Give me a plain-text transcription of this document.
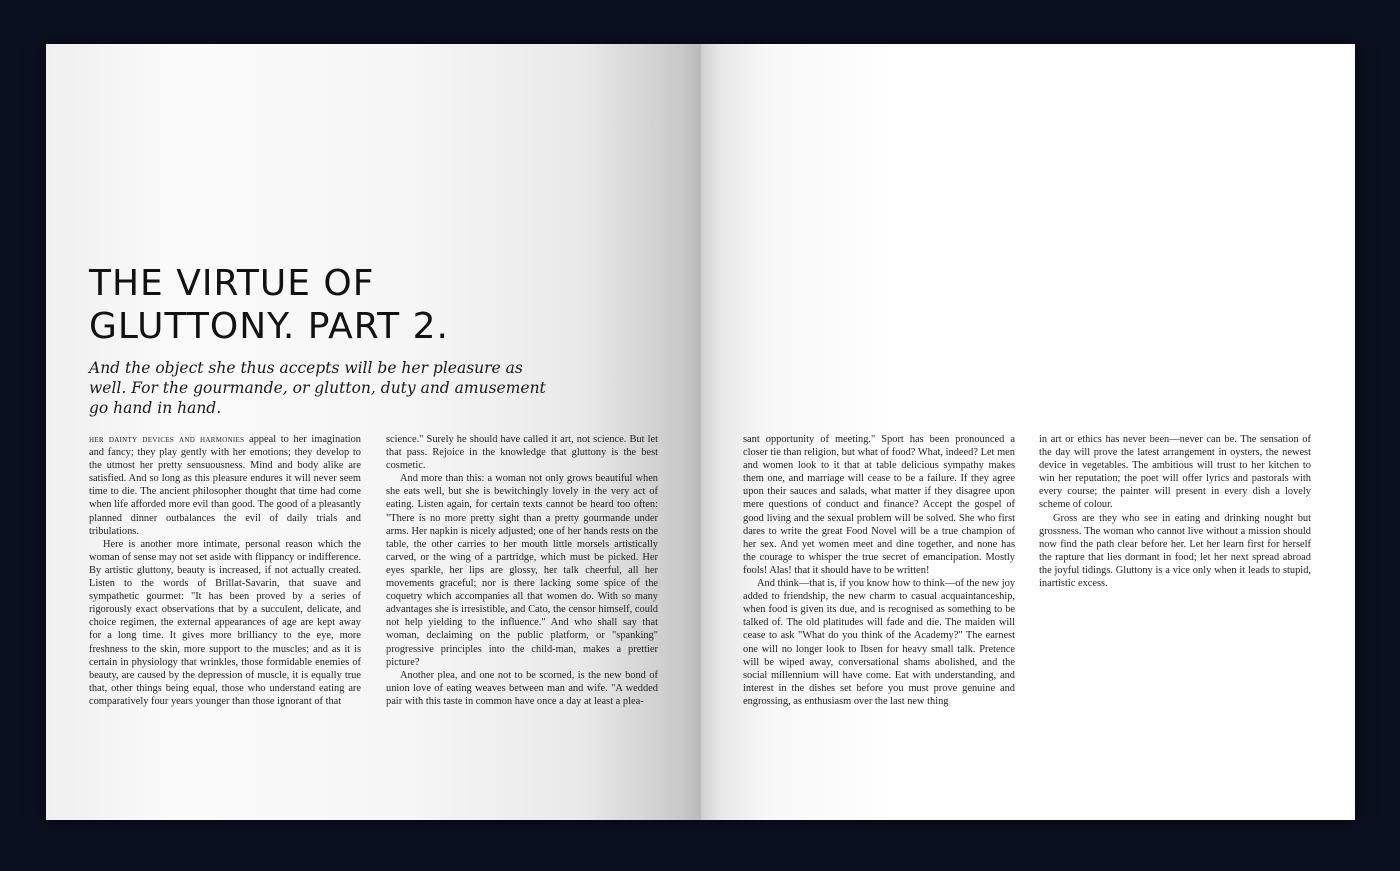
THE VIRTUE OF
GLUTTONY. PART 2.

And the object she thus accepts will be her pleasure as well. For the gourmande, or glutton, duty and amusement go hand in hand.

her dainty devices and harmonies appeal to her imagination and fancy; they play gently with her emotions; they develop to the utmost her pretty sensuousness. Mind and body alike are satisfied. And so long as this pleasure endures it will never seem time to die. The ancient philosopher thought that time had come when life afforded more evil than good. The good of a pleasantly planned dinner outbalances the evil of daily trials and tribulations.

Here is another more intimate, personal reason which the woman of sense may not set aside with flippancy or indifference. By artistic gluttony, beauty is increased, if not actually created. Listen to the words of Brillat-Savarin, that suave and sympathetic gourmet: "It has been proved by a series of rigorously exact observations that by a succulent, delicate, and choice regimen, the external appearances of age are kept away for a long time. It gives more brilliancy to the eye, more freshness to the skin, more support to the muscles; and as it is certain in physiology that wrinkles, those formidable enemies of beauty, are caused by the depression of muscle, it is equally true that, other things being equal, those who understand eating are comparatively four years younger than those ignorant of that

science." Surely he should have called it art, not science. But let that pass. Rejoice in the knowledge that gluttony is the best cosmetic.

And more than this: a woman not only grows beautiful when she eats well, but she is bewitchingly lovely in the very act of eating. Listen again, for certain texts cannot be heard too often: "There is no more pretty sight than a pretty gourmande under arms. Her napkin is nicely adjusted; one of her hands rests on the table, the other carries to her mouth little morsels artistically carved, or the wing of a partridge, which must be picked. Her eyes sparkle, her lips are glossy, her talk cheerful, all her movements graceful; nor is there lacking some spice of the coquetry which accompanies all that women do. With so many advantages she is irresistible, and Cato, the censor himself, could not help yielding to the influence." And who shall say that woman, declaiming on the public platform, or "spanking" progressive principles into the child-man, makes a prettier picture?

Another plea, and one not to be scorned, is the new bond of union love of eating weaves between man and wife. "A wedded pair with this taste in common have once a day at least a plea-

sant opportunity of meeting." Sport has been pronounced a closer tie than religion, but what of food? What, indeed? Let men and women look to it that at table delicious sympathy makes them one, and marriage will cease to be a failure. If they agree upon their sauces and salads, what matter if they disagree upon mere questions of conduct and finance? Accept the gospel of good living and the sexual problem will be solved. She who first dares to write the great Food Novel will be a true champion of her sex. And yet women meet and dine together, and none has the courage to whisper the true secret of emancipation. Mostly fools! Alas! that it should have to be written!

And think—that is, if you know how to think—of the new joy added to friendship, the new charm to casual acquaintanceship, when food is given its due, and is recognised as something to be talked of. The old platitudes will fade and die. The maiden will cease to ask "What do you think of the Academy?" The earnest one will no longer look to Ibsen for heavy small talk. Pretence will be wiped away, conversational shams abolished, and the social millennium will have come. Eat with understanding, and interest in the dishes set before you must prove genuine and engrossing, as enthusiasm over the last new thing

in art or ethics has never been—never can be. The sensation of the day will prove the latest arrangement in oysters, the newest device in vegetables. The ambitious will trust to her kitchen to win her reputation; the poet will offer lyrics and pastorals with every course; the painter will present in every dish a lovely scheme of colour.

Gross are they who see in eating and drinking nought but grossness. The woman who cannot live without a mission should now find the path clear before her. Let her learn first for herself the rapture that lies dormant in food; let her next spread abroad the joyful tidings. Gluttony is a vice only when it leads to stupid, inartistic excess.
